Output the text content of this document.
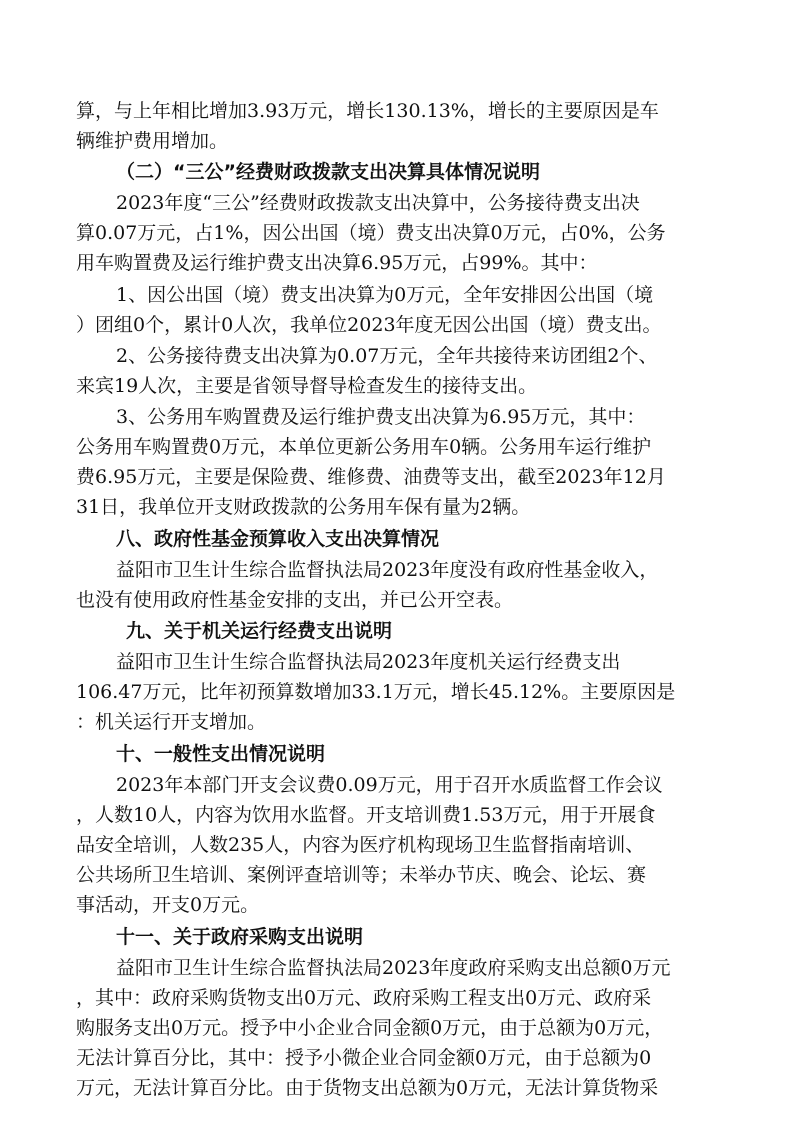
算，与上年相比增加3.93万元，增长130.13%，增长的主要原因是车
辆维护费用增加。
（二）“三公”经费财政拨款支出决算具体情况说明
2023年度“三公”经费财政拨款支出决算中，公务接待费支出决
算0.07万元，占1%，因公出国（境）费支出决算0万元，占0%，公务
用车购置费及运行维护费支出决算6.95万元，占99%。其中：
1、因公出国（境）费支出决算为0万元，全年安排因公出国（境
）团组0个，累计0人次，我单位2023年度无因公出国（境）费支出。
2、公务接待费支出决算为0.07万元，全年共接待来访团组2个、
来宾19人次，主要是省领导督导检查发生的接待支出。
3、公务用车购置费及运行维护费支出决算为6.95万元，其中：
公务用车购置费0万元，本单位更新公务用车0辆。公务用车运行维护
费6.95万元，主要是保险费、维修费、油费等支出，截至2023年12月
31日，我单位开支财政拨款的公务用车保有量为2辆。
八、政府性基金预算收入支出决算情况
益阳市卫生计生综合监督执法局2023年度没有政府性基金收入，
也没有使用政府性基金安排的支出，并已公开空表。
九、关于机关运行经费支出说明
益阳市卫生计生综合监督执法局2023年度机关运行经费支出
106.47万元，比年初预算数增加33.1万元，增长45.12%。主要原因是
：机关运行开支增加。
十、一般性支出情况说明
2023年本部门开支会议费0.09万元，用于召开水质监督工作会议
，人数10人，内容为饮用水监督。开支培训费1.53万元，用于开展食
品安全培训，人数235人，内容为医疗机构现场卫生监督指南培训、
公共场所卫生培训、案例评查培训等；未举办节庆、晚会、论坛、赛
事活动，开支0万元。
十一、关于政府采购支出说明
益阳市卫生计生综合监督执法局2023年度政府采购支出总额0万元
，其中：政府采购货物支出0万元、政府采购工程支出0万元、政府采
购服务支出0万元。授予中小企业合同金额0万元，由于总额为0万元，
无法计算百分比，其中：授予小微企业合同金额0万元，由于总额为0
万元，无法计算百分比。由于货物支出总额为0万元，无法计算货物采
